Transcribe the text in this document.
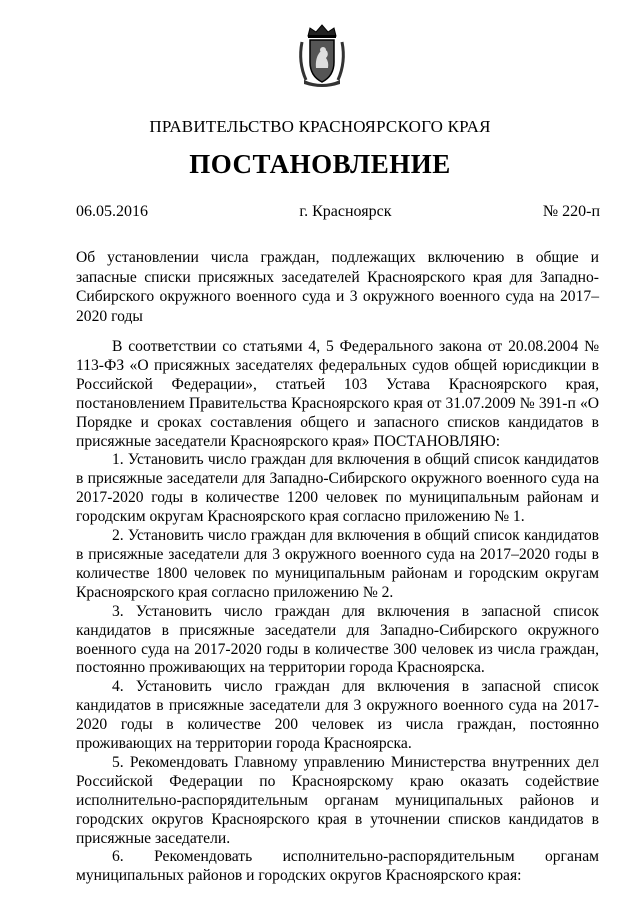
ПРАВИТЕЛЬСТВО КРАСНОЯРСКОГО КРАЯ
ПОСТАНОВЛЕНИЕ
06.05.2016	г. Красноярск	№ 220-п
Об установлении числа граждан, подлежащих включению в общие и запасные списки присяжных заседателей Красноярского края для Западно-Сибирского окружного военного суда и 3 окружного военного суда на 2017–2020 годы

В соответствии со статьями 4, 5 Федерального закона от 20.08.2004 № 113-ФЗ «О присяжных заседателях федеральных судов общей юрисдикции в Российской Федерации», статьей 103 Устава Красноярского края, постановлением Правительства Красноярского края от 31.07.2009 № 391-п «О Порядке и сроках составления общего и запасного списков кандидатов в присяжные заседатели Красноярского края» ПОСТАНОВЛЯЮ:

1. Установить число граждан для включения в общий список кандидатов в присяжные заседатели для Западно-Сибирского окружного военного суда на 2017-2020 годы в количестве 1200 человек по муниципальным районам и городским округам Красноярского края согласно приложению № 1.

2. Установить число граждан для включения в общий список кандидатов в присяжные заседатели для 3 окружного военного суда на 2017–2020 годы в количестве 1800 человек по муниципальным районам и городским округам Красноярского края согласно приложению № 2.

3. Установить число граждан для включения в запасной список кандидатов в присяжные заседатели для Западно-Сибирского окружного военного суда на 2017-2020 годы в количестве 300 человек из числа граждан, постоянно проживающих на территории города Красноярска.

4. Установить число граждан для включения в запасной список кандидатов в присяжные заседатели для 3 окружного военного суда на 2017-2020 годы в количестве 200 человек из числа граждан, постоянно проживающих на территории города Красноярска.

5. Рекомендовать Главному управлению Министерства внутренних дел Российской Федерации по Красноярскому краю оказать содействие исполнительно-распорядительным органам муниципальных районов и городских округов Красноярского края в уточнении списков кандидатов в присяжные заседатели.

6. Рекомендовать исполнительно-распорядительным органам муниципальных районов и городских округов Красноярского края:
